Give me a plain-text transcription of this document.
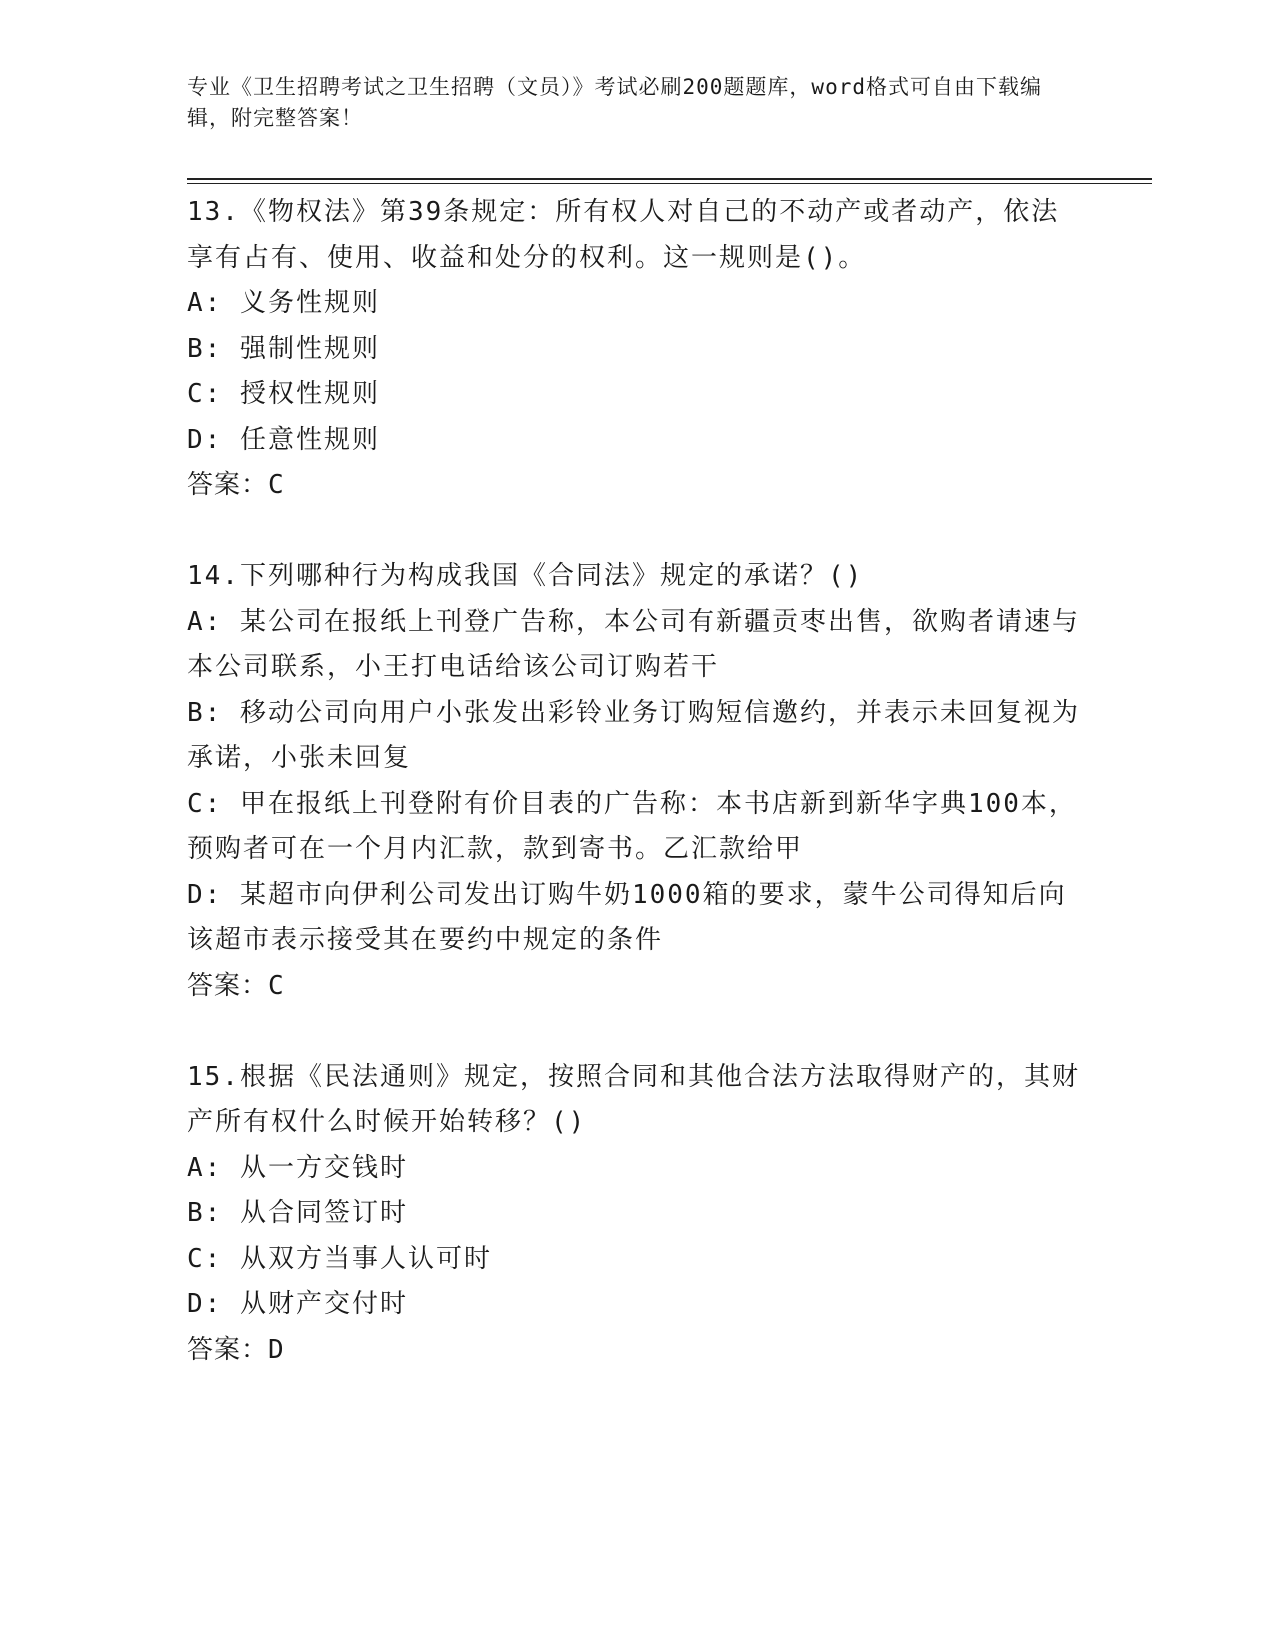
专业《卫生招聘考试之卫生招聘（文员）》考试必刷200题题库，word格式可自由下载编辑，附完整答案！
13.《物权法》第39条规定：所有权人对自己的不动产或者动产，依法享有占有、使用、收益和处分的权利。这一规则是()。
A: 义务性规则
B: 强制性规则
C: 授权性规则
D: 任意性规则
答案：C
14.下列哪种行为构成我国《合同法》规定的承诺？()
A: 某公司在报纸上刊登广告称，本公司有新疆贡枣出售，欲购者请速与本公司联系，小王打电话给该公司订购若干
B: 移动公司向用户小张发出彩铃业务订购短信邀约，并表示未回复视为承诺，小张未回复
C: 甲在报纸上刊登附有价目表的广告称：本书店新到新华字典100本，预购者可在一个月内汇款，款到寄书。乙汇款给甲
D: 某超市向伊利公司发出订购牛奶1000箱的要求，蒙牛公司得知后向该超市表示接受其在要约中规定的条件
答案：C
15.根据《民法通则》规定，按照合同和其他合法方法取得财产的，其财产所有权什么时候开始转移？()
A: 从一方交钱时
B: 从合同签订时
C: 从双方当事人认可时
D: 从财产交付时
答案：D
